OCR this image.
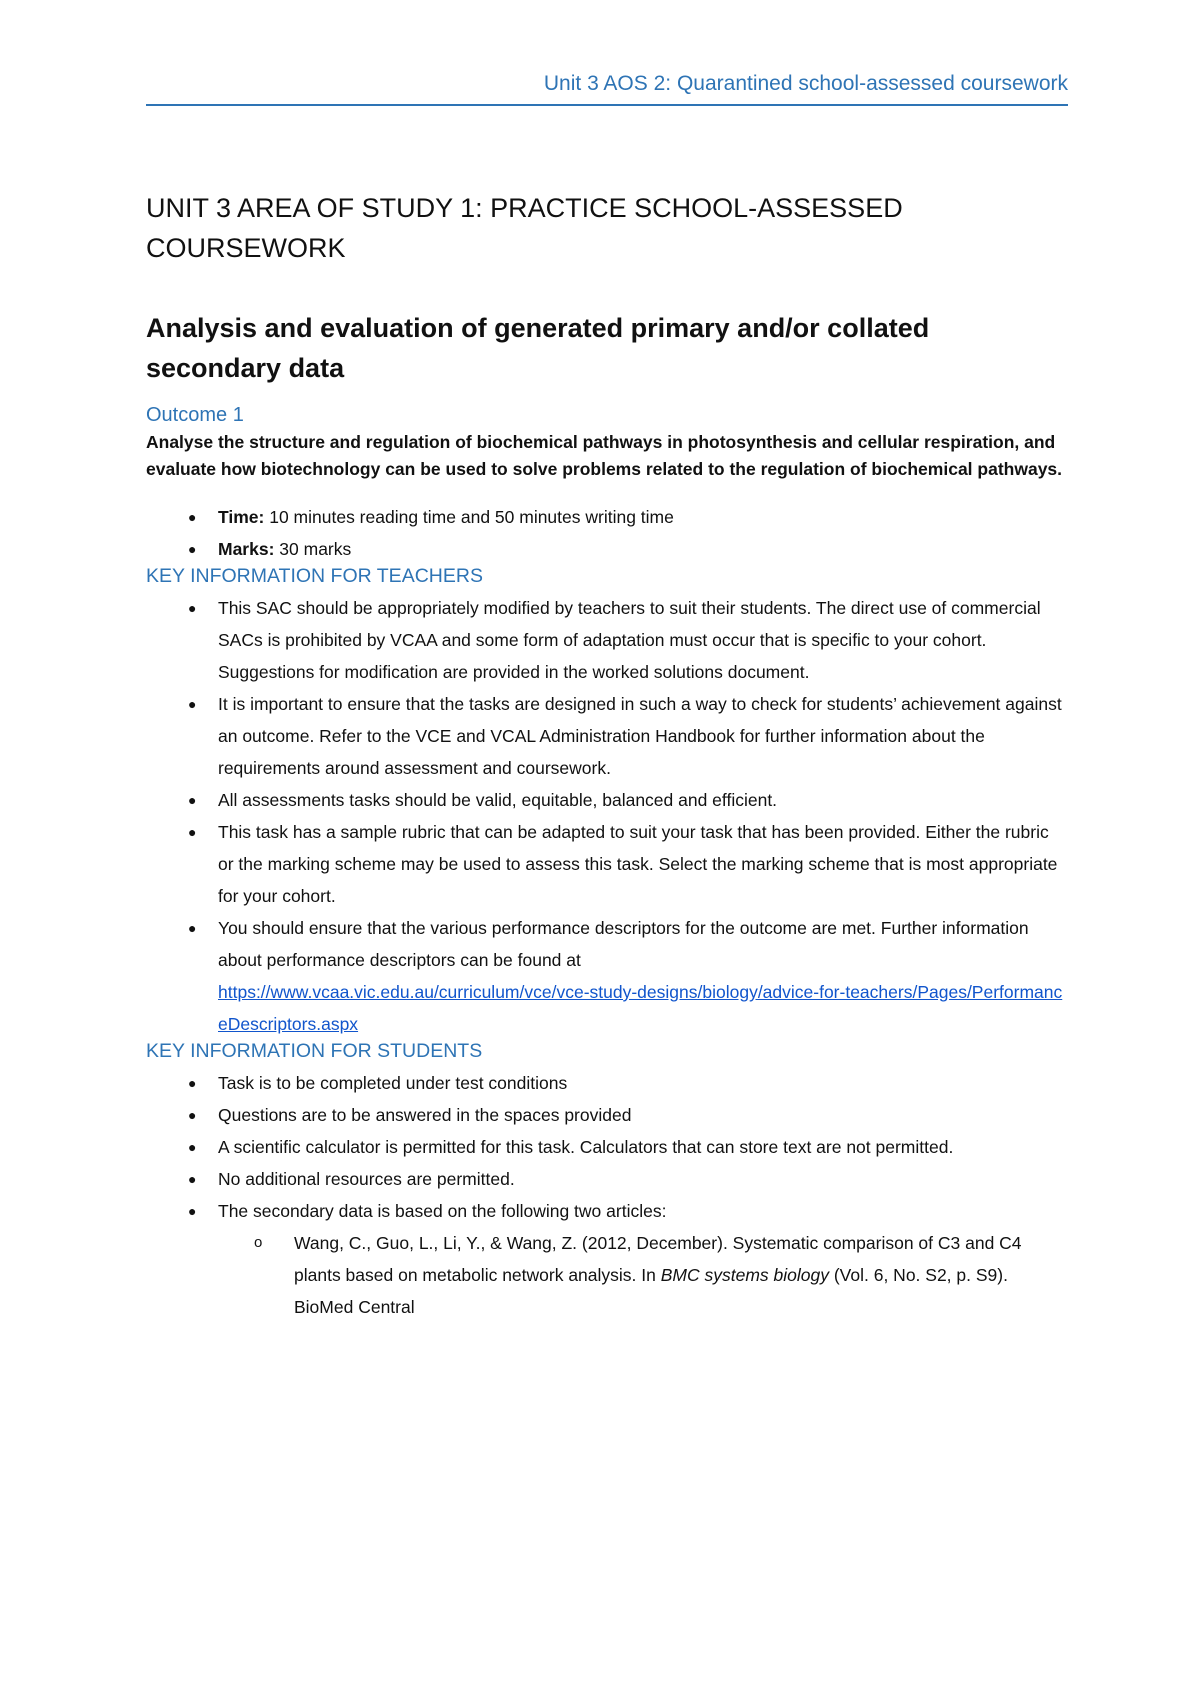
Unit 3 AOS 2: Quarantined school-assessed coursework
UNIT 3 AREA OF STUDY 1: PRACTICE SCHOOL-ASSESSED COURSEWORK
Analysis and evaluation of generated primary and/or collated secondary data
Outcome 1

Analyse the structure and regulation of biochemical pathways in photosynthesis and cellular respiration, and evaluate how biotechnology can be used to solve problems related to the regulation of biochemical pathways.

● Time: 10 minutes reading time and 50 minutes writing time
● Marks: 30 marks
KEY INFORMATION FOR TEACHERS
● This SAC should be appropriately modified by teachers to suit their students. The direct use of commercial SACs is prohibited by VCAA and some form of adaptation must occur that is specific to your cohort. Suggestions for modification are provided in the worked solutions document.
● It is important to ensure that the tasks are designed in such a way to check for students’ achievement against an outcome. Refer to the VCE and VCAL Administration Handbook for further information about the requirements around assessment and coursework.
● All assessments tasks should be valid, equitable, balanced and efficient.
● This task has a sample rubric that can be adapted to suit your task that has been provided. Either the rubric or the marking scheme may be used to assess this task. Select the marking scheme that is most appropriate for your cohort.
● You should ensure that the various performance descriptors for the outcome are met. Further information about performance descriptors can be found at
https://www.vcaa.vic.edu.au/curriculum/vce/vce-study-designs/biology/advice-for-teachers/Pages/PerformanceDescriptors.aspx
KEY INFORMATION FOR STUDENTS
● Task is to be completed under test conditions
● Questions are to be answered in the spaces provided
● A scientific calculator is permitted for this task. Calculators that can store text are not permitted.
● No additional resources are permitted.
● The secondary data is based on the following two articles:
o Wang, C., Guo, L., Li, Y., & Wang, Z. (2012, December). Systematic comparison of C3 and C4 plants based on metabolic network analysis. In BMC systems biology (Vol. 6, No. S2, p. S9). BioMed Central
